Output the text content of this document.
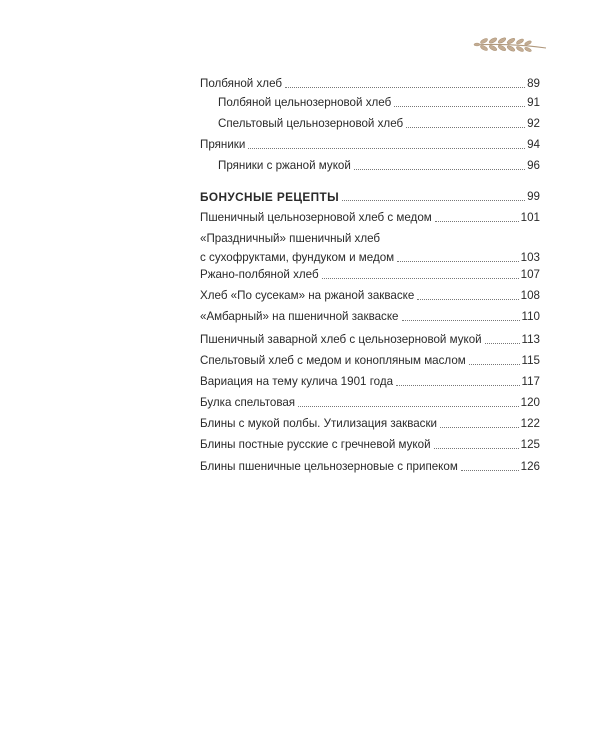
Полбяной хлеб	89
Полбяной цельнозерновой хлеб	91
Спельтовый цельнозерновой хлеб	92
Пряники	94
Пряники с ржаной мукой	96
БОНУСНЫЕ РЕЦЕПТЫ	99
Пшеничный цельнозерновой хлеб с медом	101
«Праздничный» пшеничный хлеб
с сухофруктами, фундуком и медом	103
Ржано-полбяной хлеб	107
Хлеб «По сусекам» на ржаной закваске	108
«Амбарный» на пшеничной закваске	110
Пшеничный заварной хлеб с цельнозерновой мукой	113
Спельтовый хлеб с медом и конопляным маслом	115
Вариация на тему кулича 1901 года	117
Булка спельтовая	120
Блины с мукой полбы. Утилизация закваски	122
Блины постные русские с гречневой мукой	125
Блины пшеничные цельнозерновые с припеком	126
